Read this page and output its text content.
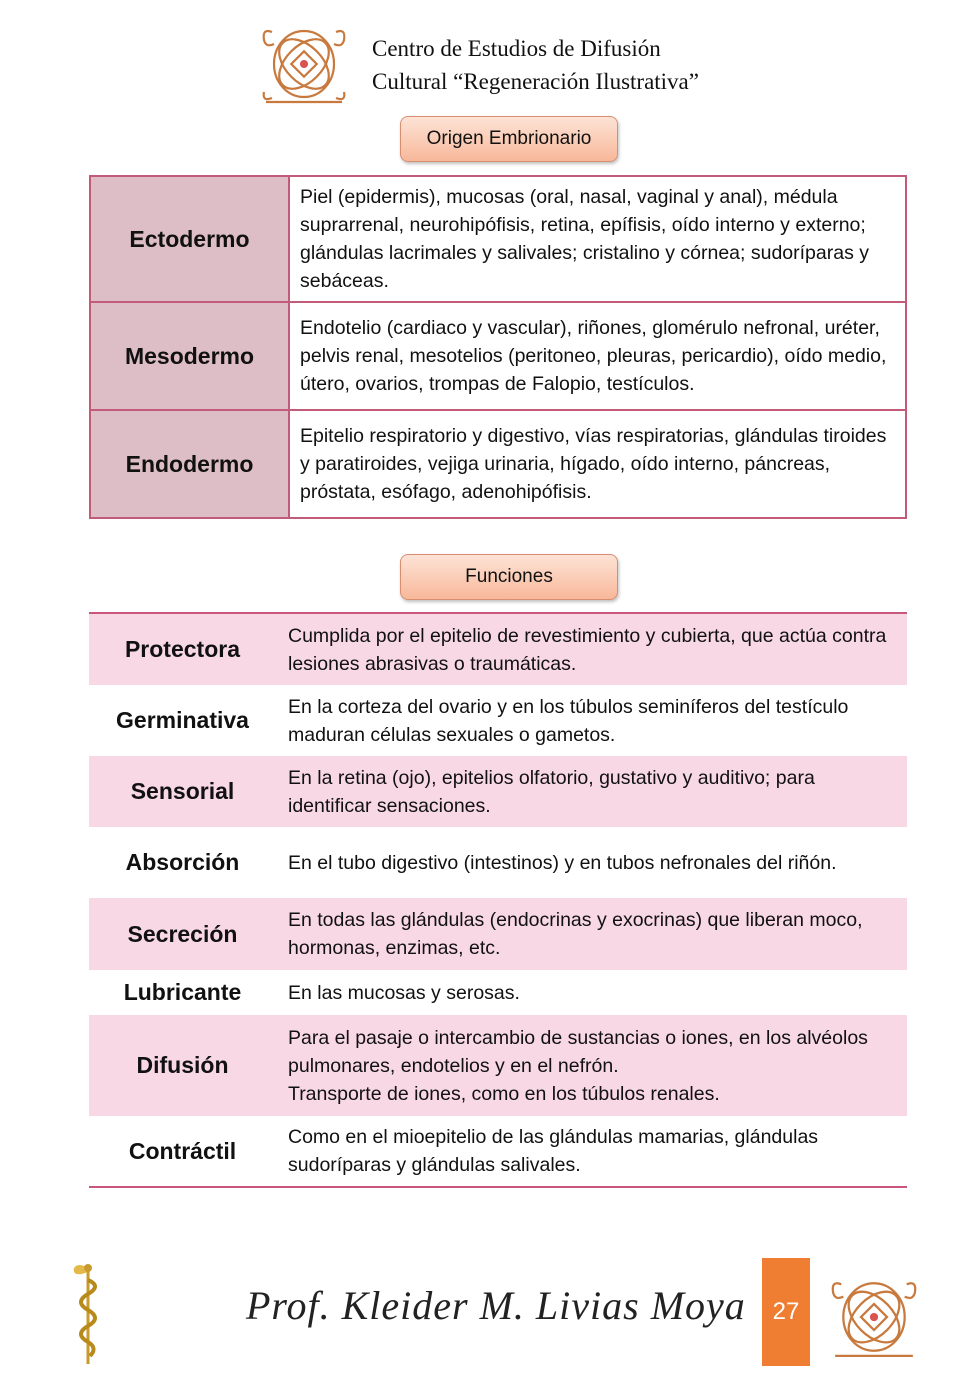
Centro de Estudios de Difusión
Cultural “Regeneración Ilustrativa”
Origen Embrionario
Ectodermo	Piel (epidermis), mucosas (oral, nasal, vaginal y anal), médula suprarrenal, neurohipófisis, retina, epífisis, oído interno y externo; glándulas lacrimales y salivales; cristalino y córnea; sudoríparas y sebáceas.
Mesodermo	Endotelio (cardiaco y vascular), riñones, glomérulo nefronal, uréter, pelvis renal, mesotelios (peritoneo, pleuras, pericardio), oído medio, útero, ovarios, trompas de Falopio, testículos.
Endodermo	Epitelio respiratorio y digestivo, vías respiratorias, glándulas tiroides y paratiroides, vejiga urinaria, hígado, oído interno, páncreas, próstata, esófago, adenohipófisis.
Funciones
Protectora	Cumplida por el epitelio de revestimiento y cubierta, que actúa contra lesiones abrasivas o traumáticas.
Germinativa	En la corteza del ovario y en los túbulos seminíferos del testículo maduran células sexuales o gametos.
Sensorial	En la retina (ojo), epitelios olfatorio, gustativo y auditivo; para identificar sensaciones.
Absorción	En el tubo digestivo (intestinos) y en tubos nefronales del riñón.
Secreción	En todas las glándulas (endocrinas y exocrinas) que liberan moco, hormonas, enzimas, etc.
Lubricante	En las mucosas y serosas.
Difusión	Para el pasaje o intercambio de sustancias o iones, en los alvéolos pulmonares, endotelios y en el nefrón.
Transporte de iones, como en los túbulos renales.

Contráctil	Como en el mioepitelio de las glándulas mamarias, glándulas sudoríparas y glándulas salivales.
Prof. Kleider M. Livias Moya	27
